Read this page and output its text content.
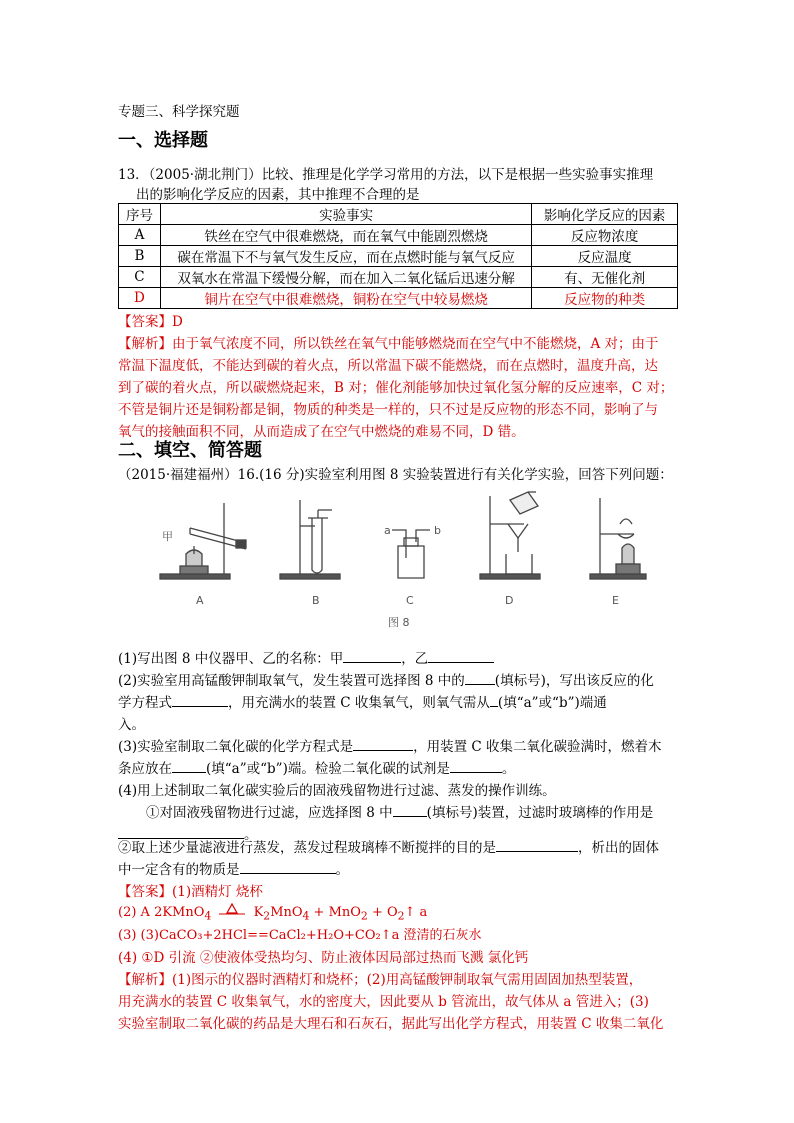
专题三、科学探究题
一、选择题
13．（2005·湖北荆门）比较、推理是化学学习常用的方法，以下是根据一些实验事实推理
出的影响化学反应的因素，其中推理不合理的是
序号	实验事实	影响化学反应的因素
A	铁丝在空气中很难燃烧，而在氧气中能剧烈燃烧	反应物浓度
B	碳在常温下不与氧气发生反应，而在点燃时能与氧气反应	反应温度
C	双氧水在常温下缓慢分解，而在加入二氧化锰后迅速分解	有、无催化剂
D	铜片在空气中很难燃烧，铜粉在空气中较易燃烧	反应物的种类
【答案】D
【解析】由于氧气浓度不同，所以铁丝在氧气中能够燃烧而在空气中不能燃烧，A 对；由于
常温下温度低，不能达到碳的着火点，所以常温下碳不能燃烧，而在点燃时，温度升高，达
到了碳的着火点，所以碳燃烧起来，B 对；催化剂能够加快过氧化氢分解的反应速率，C 对；
不管是铜片还是铜粉都是铜，物质的种类是一样的，只不过是反应物的形态不同，影响了与
氧气的接触面积不同，从而造成了在空气中燃烧的难易不同，D 错。
二、填空、简答题
（2015·福建福州）16.(16 分)实验室利用图 8 实验装置进行有关化学实验，回答下列问题：
甲	a	b
A	B	C	D	E
图 8
(1)写出图 8 中仪器甲、乙的名称：甲	，乙
(2)实验室用高锰酸钾制取氧气，发生装置可选择图 8 中的 (填标号)，写出该反应的化
学方程式	，用充满水的装置 C 收集氧气，则氧气需从 (填“a”或“b”)端通
入。
(3)实验室制取二氧化碳的化学方程式是	，用装置 C 收集二氧化碳验满时，燃着木
条应放在	(填“a”或“b”)端。检验二氧化碳的试剂是	。
(4)用上述制取二氧化碳实验后的固液残留物进行过滤、蒸发的操作训练。
①对固液残留物进行过滤，应选择图 8 中	(填标号)装置，过滤时玻璃棒的作用是
。
②取上述少量滤液进行蒸发，蒸发过程玻璃棒不断搅拌的目的是	，析出的固体
中一定含有的物质是	。
【答案】(1)酒精灯 烧杯
(2) A 2KMnO$_4$	$K_2MnO_4 + MnO_2$ + $O_2↑$ a
(3) (3)CaCO₃+2HCl==CaCl₂+H₂O+CO₂↑a 澄清的石灰水
(4) ①D 引流 ②使液体受热均匀、防止液体因局部过热而飞溅 氯化钙
【解析】(1)图示的仪器时酒精灯和烧杯；(2)用高锰酸钾制取氧气需用固固加热型装置，
用充满水的装置 C 收集氧气，水的密度大，因此要从 b 管流出，故气体从 a 管进入；(3)
实验室制取二氧化碳的药品是大理石和石灰石，据此写出化学方程式，用装置 C 收集二氧化
